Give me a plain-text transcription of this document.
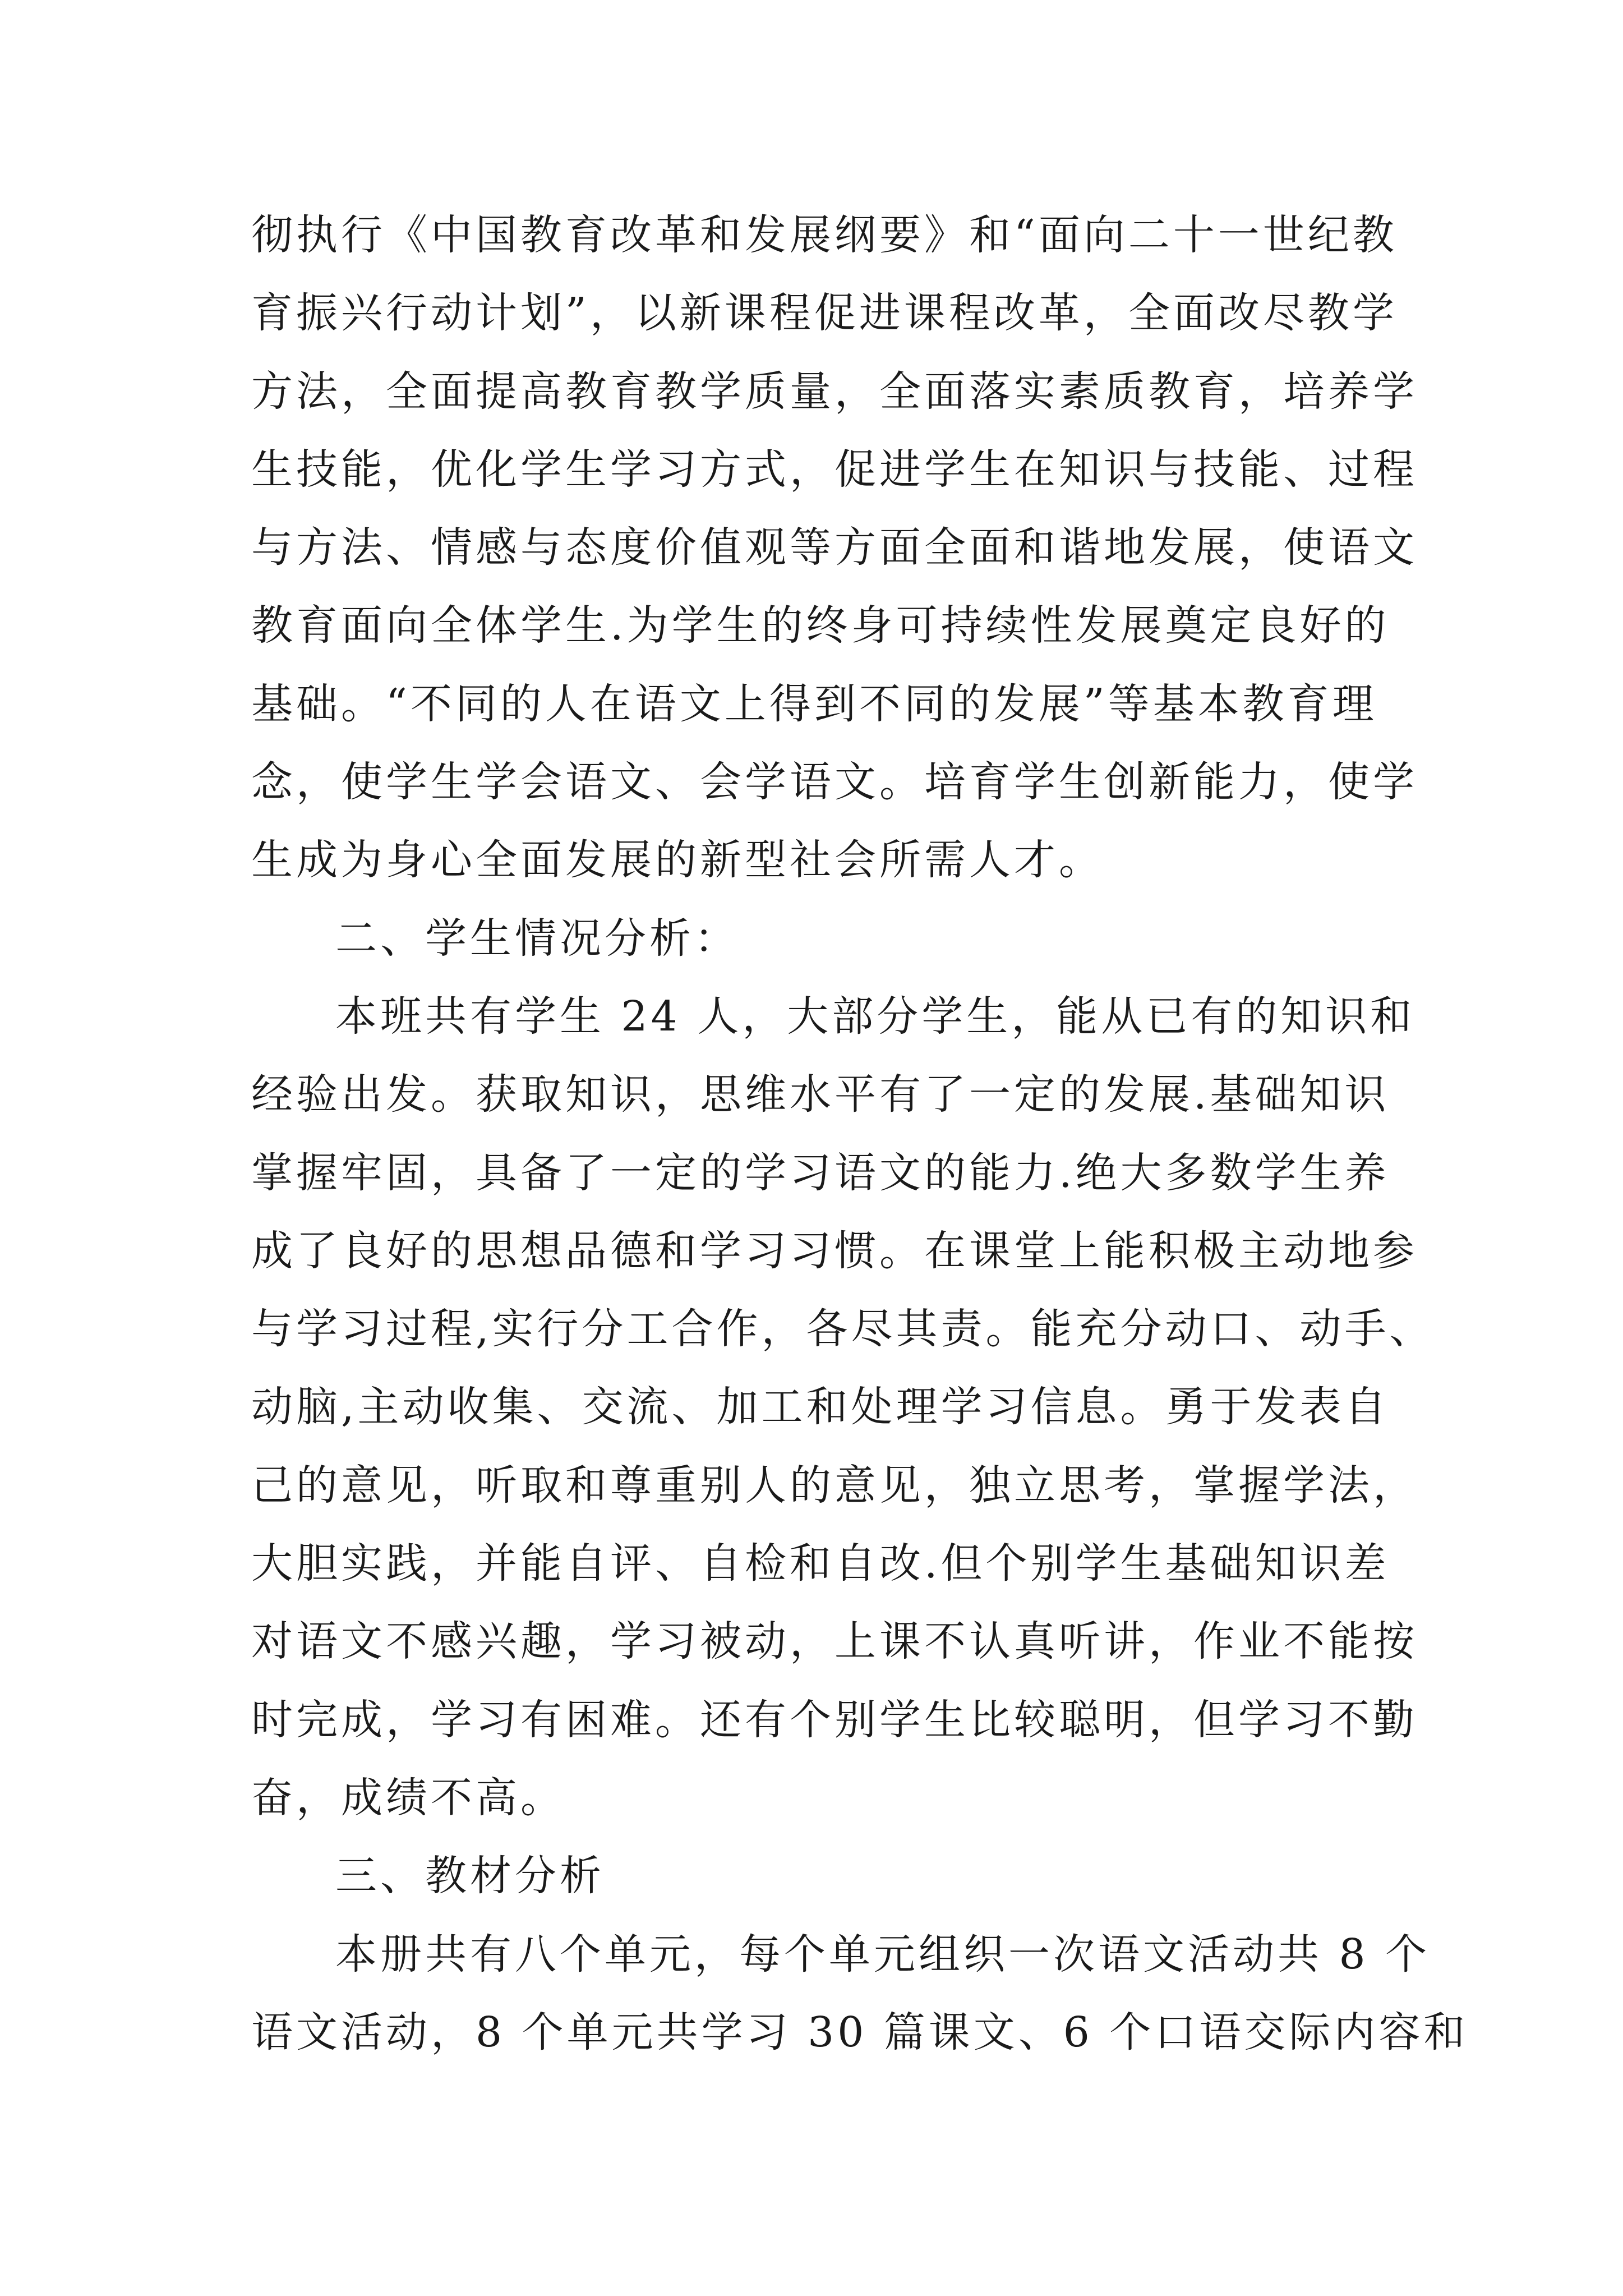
彻执行《中国教育改革和发展纲要》和“面向二十一世纪教
育振兴行动计划”，以新课程促进课程改革，全面改尽教学
方法，全面提高教育教学质量，全面落实素质教育，培养学
生技能，优化学生学习方式，促进学生在知识与技能、过程
与方法、情感与态度价值观等方面全面和谐地发展，使语文
教育面向全体学生.为学生的终身可持续性发展奠定良好的
基础。“不同的人在语文上得到不同的发展”等基本教育理
念，使学生学会语文、会学语文。培育学生创新能力，使学
生成为身心全面发展的新型社会所需人才。
二、学生情况分析：
本班共有学生 24 人，大部分学生，能从已有的知识和
经验出发。获取知识，思维水平有了一定的发展.基础知识
掌握牢固，具备了一定的学习语文的能力.绝大多数学生养
成了良好的思想品德和学习习惯。在课堂上能积极主动地参
与学习过程,实行分工合作，各尽其责。能充分动口、动手、
动脑,主动收集、交流、加工和处理学习信息。勇于发表自
己的意见，听取和尊重别人的意见，独立思考，掌握学法，
大胆实践，并能自评、自检和自改.但个别学生基础知识差
对语文不感兴趣，学习被动，上课不认真听讲，作业不能按
时完成，学习有困难。还有个别学生比较聪明，但学习不勤
奋，成绩不高。
三、教材分析
本册共有八个单元，每个单元组织一次语文活动共 8 个
语文活动，8 个单元共学习 30 篇课文、6 个口语交际内容和
